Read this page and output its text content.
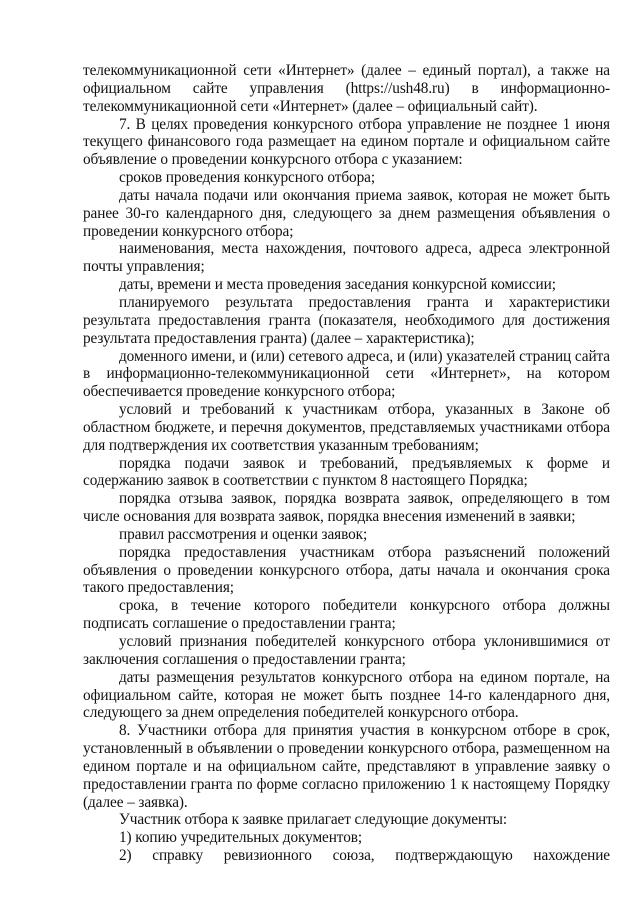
телекоммуникационной сети «Интернет» (далее – единый портал), а также на официальном сайте управления (https://ush48.ru) в информационно-телекоммуникационной сети «Интернет» (далее – официальный сайт).

7. В целях проведения конкурсного отбора управление не позднее 1 июня текущего финансового года размещает на едином портале и официальном сайте объявление о проведении конкурсного отбора с указанием:

сроков проведения конкурсного отбора;

даты начала подачи или окончания приема заявок, которая не может быть ранее 30-го календарного дня, следующего за днем размещения объявления о проведении конкурсного отбора;

наименования, места нахождения, почтового адреса, адреса электронной почты управления;

даты, времени и места проведения заседания конкурсной комиссии;

планируемого результата предоставления гранта и характеристики результата предоставления гранта (показателя, необходимого для достижения результата предоставления гранта) (далее – характеристика);

доменного имени, и (или) сетевого адреса, и (или) указателей страниц сайта в информационно-телекоммуникационной сети «Интернет», на котором обеспечивается проведение конкурсного отбора;

условий и требований к участникам отбора, указанных в Законе об областном бюджете, и перечня документов, представляемых участниками отбора для подтверждения их соответствия указанным требованиям;

порядка подачи заявок и требований, предъявляемых к форме и содержанию заявок в соответствии с пунктом 8 настоящего Порядка;

порядка отзыва заявок, порядка возврата заявок, определяющего в том числе основания для возврата заявок, порядка внесения изменений в заявки;

правил рассмотрения и оценки заявок;

порядка предоставления участникам отбора разъяснений положений объявления о проведении конкурсного отбора, даты начала и окончания срока такого предоставления;

срока, в течение которого победители конкурсного отбора должны подписать соглашение о предоставлении гранта;

условий признания победителей конкурсного отбора уклонившимися от заключения соглашения о предоставлении гранта;

даты размещения результатов конкурсного отбора на едином портале, на официальном сайте, которая не может быть позднее 14-го календарного дня, следующего за днем определения победителей конкурсного отбора.

8. Участники отбора для принятия участия в конкурсном отборе в срок, установленный в объявлении о проведении конкурсного отбора, размещенном на едином портале и на официальном сайте, представляют в управление заявку о предоставлении гранта по форме согласно приложению 1 к настоящему Порядку (далее – заявка).

Участник отбора к заявке прилагает следующие документы:

1) копию учредительных документов;

2) справку ревизионного союза, подтверждающую нахождение
